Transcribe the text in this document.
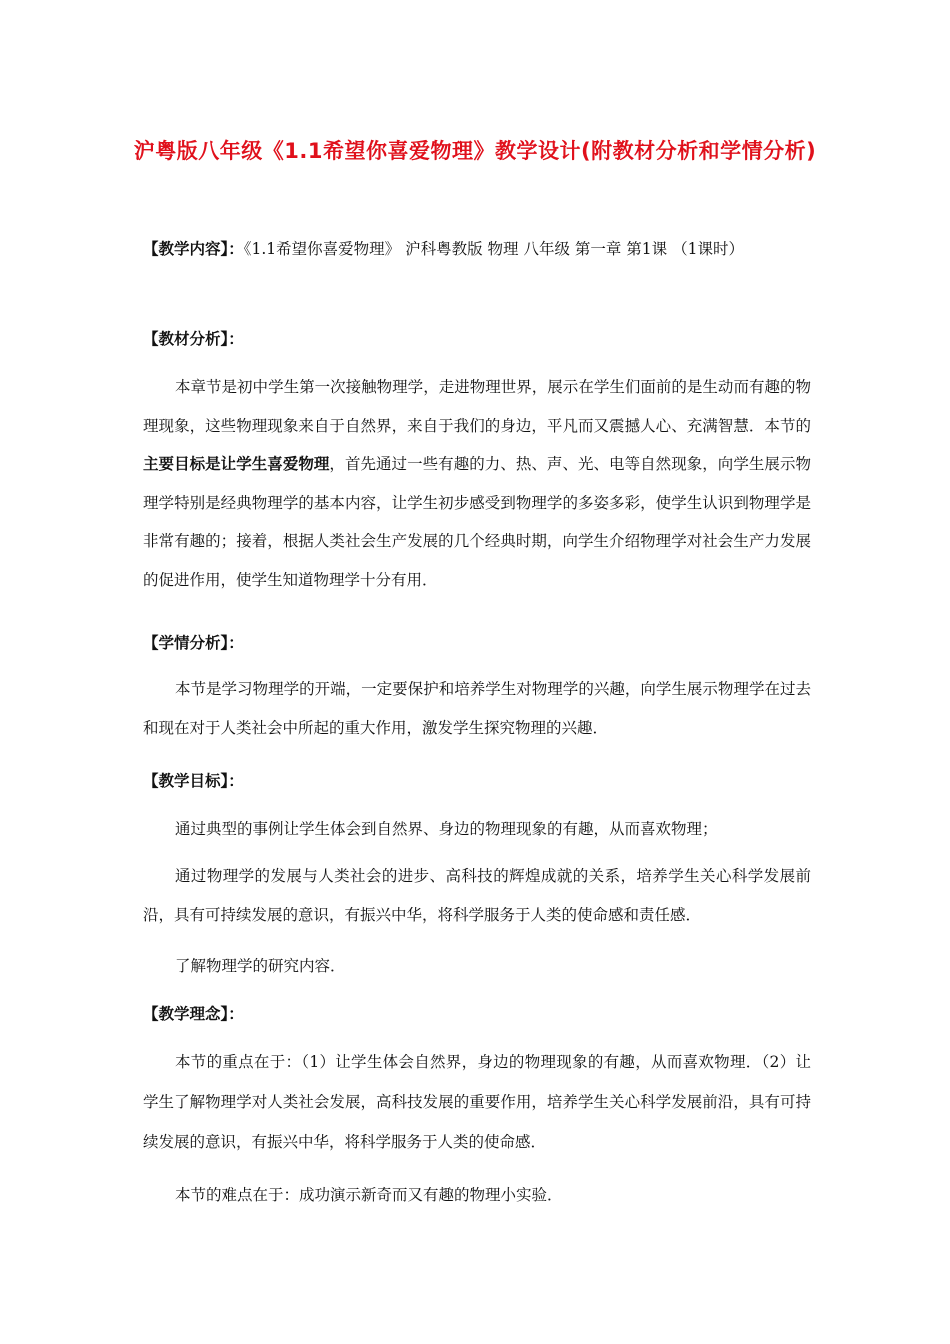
沪粤版八年级《1.1希望你喜爱物理》教学设计(附教材分析和学情分析)
【教学内容】：《1.1希望你喜爱物理》 沪科粤教版 物理 八年级 第一章 第1课 （1课时）
【教材分析】：
本章节是初中学生第一次接触物理学，走进物理世界，展示在学生们面前的是生动而有趣的物理现象，这些物理现象来自于自然界，来自于我们的身边，平凡而又震撼人心、充满智慧．本节的主要目标是让学生喜爱物理，首先通过一些有趣的力、热、声、光、电等自然现象，向学生展示物理学特别是经典物理学的基本内容，让学生初步感受到物理学的多姿多彩，使学生认识到物理学是非常有趣的；接着，根据人类社会生产发展的几个经典时期，向学生介绍物理学对社会生产力发展的促进作用，使学生知道物理学十分有用．
【学情分析】：
本节是学习物理学的开端，一定要保护和培养学生对物理学的兴趣，向学生展示物理学在过去和现在对于人类社会中所起的重大作用，激发学生探究物理的兴趣．
【教学目标】：
通过典型的事例让学生体会到自然界、身边的物理现象的有趣，从而喜欢物理；
通过物理学的发展与人类社会的进步、高科技的辉煌成就的关系，培养学生关心科学发展前沿，具有可持续发展的意识，有振兴中华，将科学服务于人类的使命感和责任感．
了解物理学的研究内容．
【教学理念】：
本节的重点在于：（1）让学生体会自然界，身边的物理现象的有趣，从而喜欢物理．（2）让学生了解物理学对人类社会发展，高科技发展的重要作用，培养学生关心科学发展前沿，具有可持续发展的意识，有振兴中华，将科学服务于人类的使命感．
本节的难点在于：成功演示新奇而又有趣的物理小实验．
